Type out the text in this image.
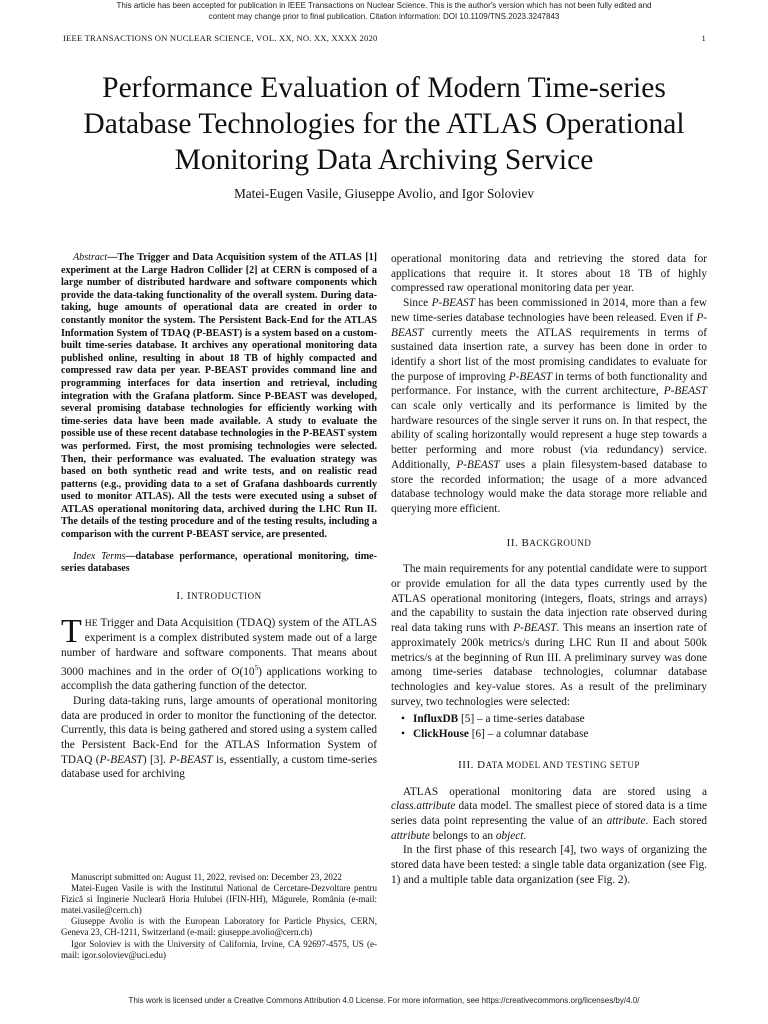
This article has been accepted for publication in IEEE Transactions on Nuclear Science. This is the author's version which has not been fully edited and
content may change prior to final publication. Citation information: DOI 10.1109/TNS.2023.3247843
IEEE TRANSACTIONS ON NUCLEAR SCIENCE, VOL. XX, NO. XX, XXXX 2020	1
Performance Evaluation of Modern Time-series
Database Technologies for the ATLAS Operational
Monitoring Data Archiving Service
Matei-Eugen Vasile, Giuseppe Avolio, and Igor Soloviev

Abstract—The Trigger and Data Acquisition system of the ATLAS [1] experiment at the Large Hadron Collider [2] at CERN is composed of a large number of distributed hardware and software components which provide the data-taking functionality of the overall system. During data-taking, huge amounts of operational data are created in order to constantly monitor the system. The Persistent Back-End for the ATLAS Information System of TDAQ (P-BEAST) is a system based on a custom-built time-series database. It archives any operational monitoring data published online, resulting in about 18 TB of highly compacted and compressed raw data per year. P-BEAST provides command line and programming interfaces for data insertion and retrieval, including integration with the Grafana platform. Since P-BEAST was developed, several promising database technologies for efficiently working with time-series data have been made available. A study to evaluate the possible use of these recent database technologies in the P-BEAST system was performed. First, the most promising technologies were selected. Then, their performance was evaluated. The evaluation strategy was based on both synthetic read and write tests, and on realistic read patterns (e.g., providing data to a set of Grafana dashboards currently used to monitor ATLAS). All the tests were executed using a subset of ATLAS operational monitoring data, archived during the LHC Run II. The details of the testing procedure and of the testing results, including a comparison with the current P-BEAST service, are presented.

Index Terms—database performance, operational monitoring, time-series databases

I. INTRODUCTION

THE Trigger and Data Acquisition (TDAQ) system of the ATLAS experiment is a complex distributed system made out of a large number of hardware and software components. That means about 3000 machines and in the order of $O(10^5)$ applications working to accomplish the data gathering function of the detector.

During data-taking runs, large amounts of operational monitoring data are produced in order to monitor the functioning of the detector. Currently, this data is being gathered and stored using a system called the Persistent Back-End for the ATLAS Information System of TDAQ (P-BEAST) [3]. P-BEAST is, essentially, a custom time-series database used for archiving

Manuscript submitted on: August 11, 2022, revised on: December 23, 2022

Matei-Eugen Vasile is with the Institutul National de Cercetare-Dezvoltare pentru Fizică si Inginerie Nucleară Horia Hulubei (IFIN-HH), Măgurele, România (e-mail: matei.vasile@cern.ch)

Giuseppe Avolio is with the European Laboratory for Particle Physics, CERN, Geneva 23, CH-1211, Switzerland (e-mail: giuseppe.avolio@cern.ch)

Igor Soloviev is with the University of California, Irvine, CA 92697-4575, US (e-mail: igor.soloviev@uci.edu)

operational monitoring data and retrieving the stored data for applications that require it. It stores about 18 TB of highly compressed raw operational monitoring data per year.

Since P-BEAST has been commissioned in 2014, more than a few new time-series database technologies have been released. Even if P-BEAST currently meets the ATLAS requirements in terms of sustained data insertion rate, a survey has been done in order to identify a short list of the most promising candidates to evaluate for the purpose of improving P-BEAST in terms of both functionality and performance. For instance, with the current architecture, P-BEAST can scale only vertically and its performance is limited by the hardware resources of the single server it runs on. In that respect, the ability of scaling horizontally would represent a huge step towards a better performing and more robust (via redundancy) service. Additionally, P-BEAST uses a plain filesystem-based database to store the recorded information; the usage of a more advanced database technology would make the data storage more reliable and querying more efficient.

II. BACKGROUND

The main requirements for any potential candidate were to support or provide emulation for all the data types currently used by the ATLAS operational monitoring (integers, floats, strings and arrays) and the capability to sustain the data injection rate observed during real data taking runs with P-BEAST. This means an insertion rate of approximately 200k metrics/s during LHC Run II and about 500k metrics/s at the beginning of Run III. A preliminary survey was done among time-series database technologies, columnar database technologies and key-value stores. As a result of the preliminary survey, two technologies were selected:

• InfluxDB [5] – a time-series database
• ClickHouse [6] – a columnar database
III. DATA MODEL AND TESTING SETUP

ATLAS operational monitoring data are stored using a class.attribute data model. The smallest piece of stored data is a time series data point representing the value of an attribute. Each stored attribute belongs to an object.

In the first phase of this research [4], two ways of organizing the stored data have been tested: a single table data organization (see Fig. 1) and a multiple table data organization (see Fig. 2).

This work is licensed under a Creative Commons Attribution 4.0 License. For more information, see https://creativecommons.org/licenses/by/4.0/
